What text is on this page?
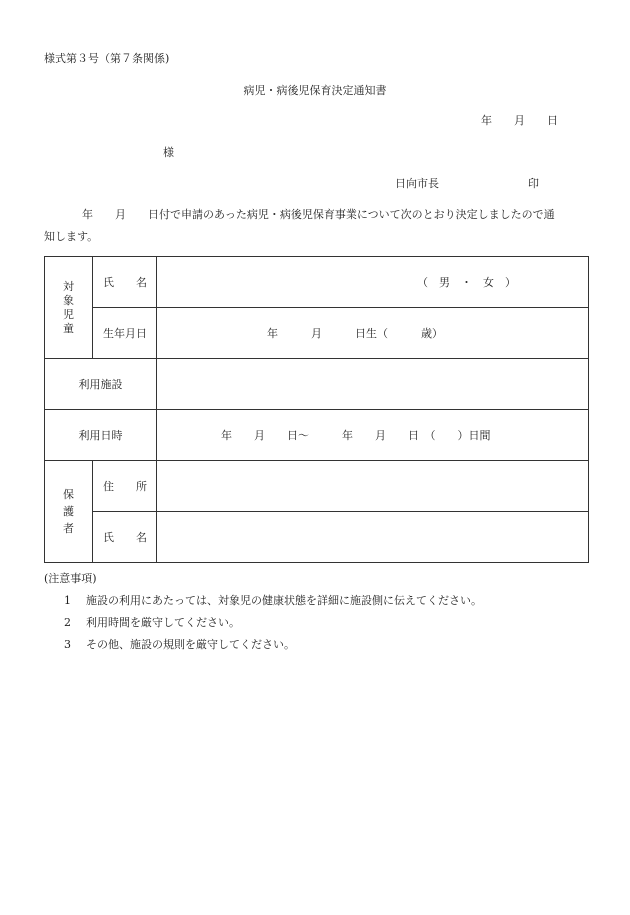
様式第３号（第７条関係)
病児・病後児保育決定通知書
年　　月　　日
様
日向市長	印
年　　月　　日付で申請のあった病児・病後児保育事業について次のとおり決定しましたので通
知します。
対
象
児
童	氏　　名	（　男　・　女　）

	生年月日	年　　　月　　　日生（　　　歳）

利用施設		
利用日時		年　　月　　日～　　　年　　月　　日　（　　）日間

保
護
者	住　　所	
	氏　　名	
(注意事項)
1 施設の利用にあたっては、対象児の健康状態を詳細に施設側に伝えてください。
2 利用時間を厳守してください。
3 その他、施設の規則を厳守してください。
